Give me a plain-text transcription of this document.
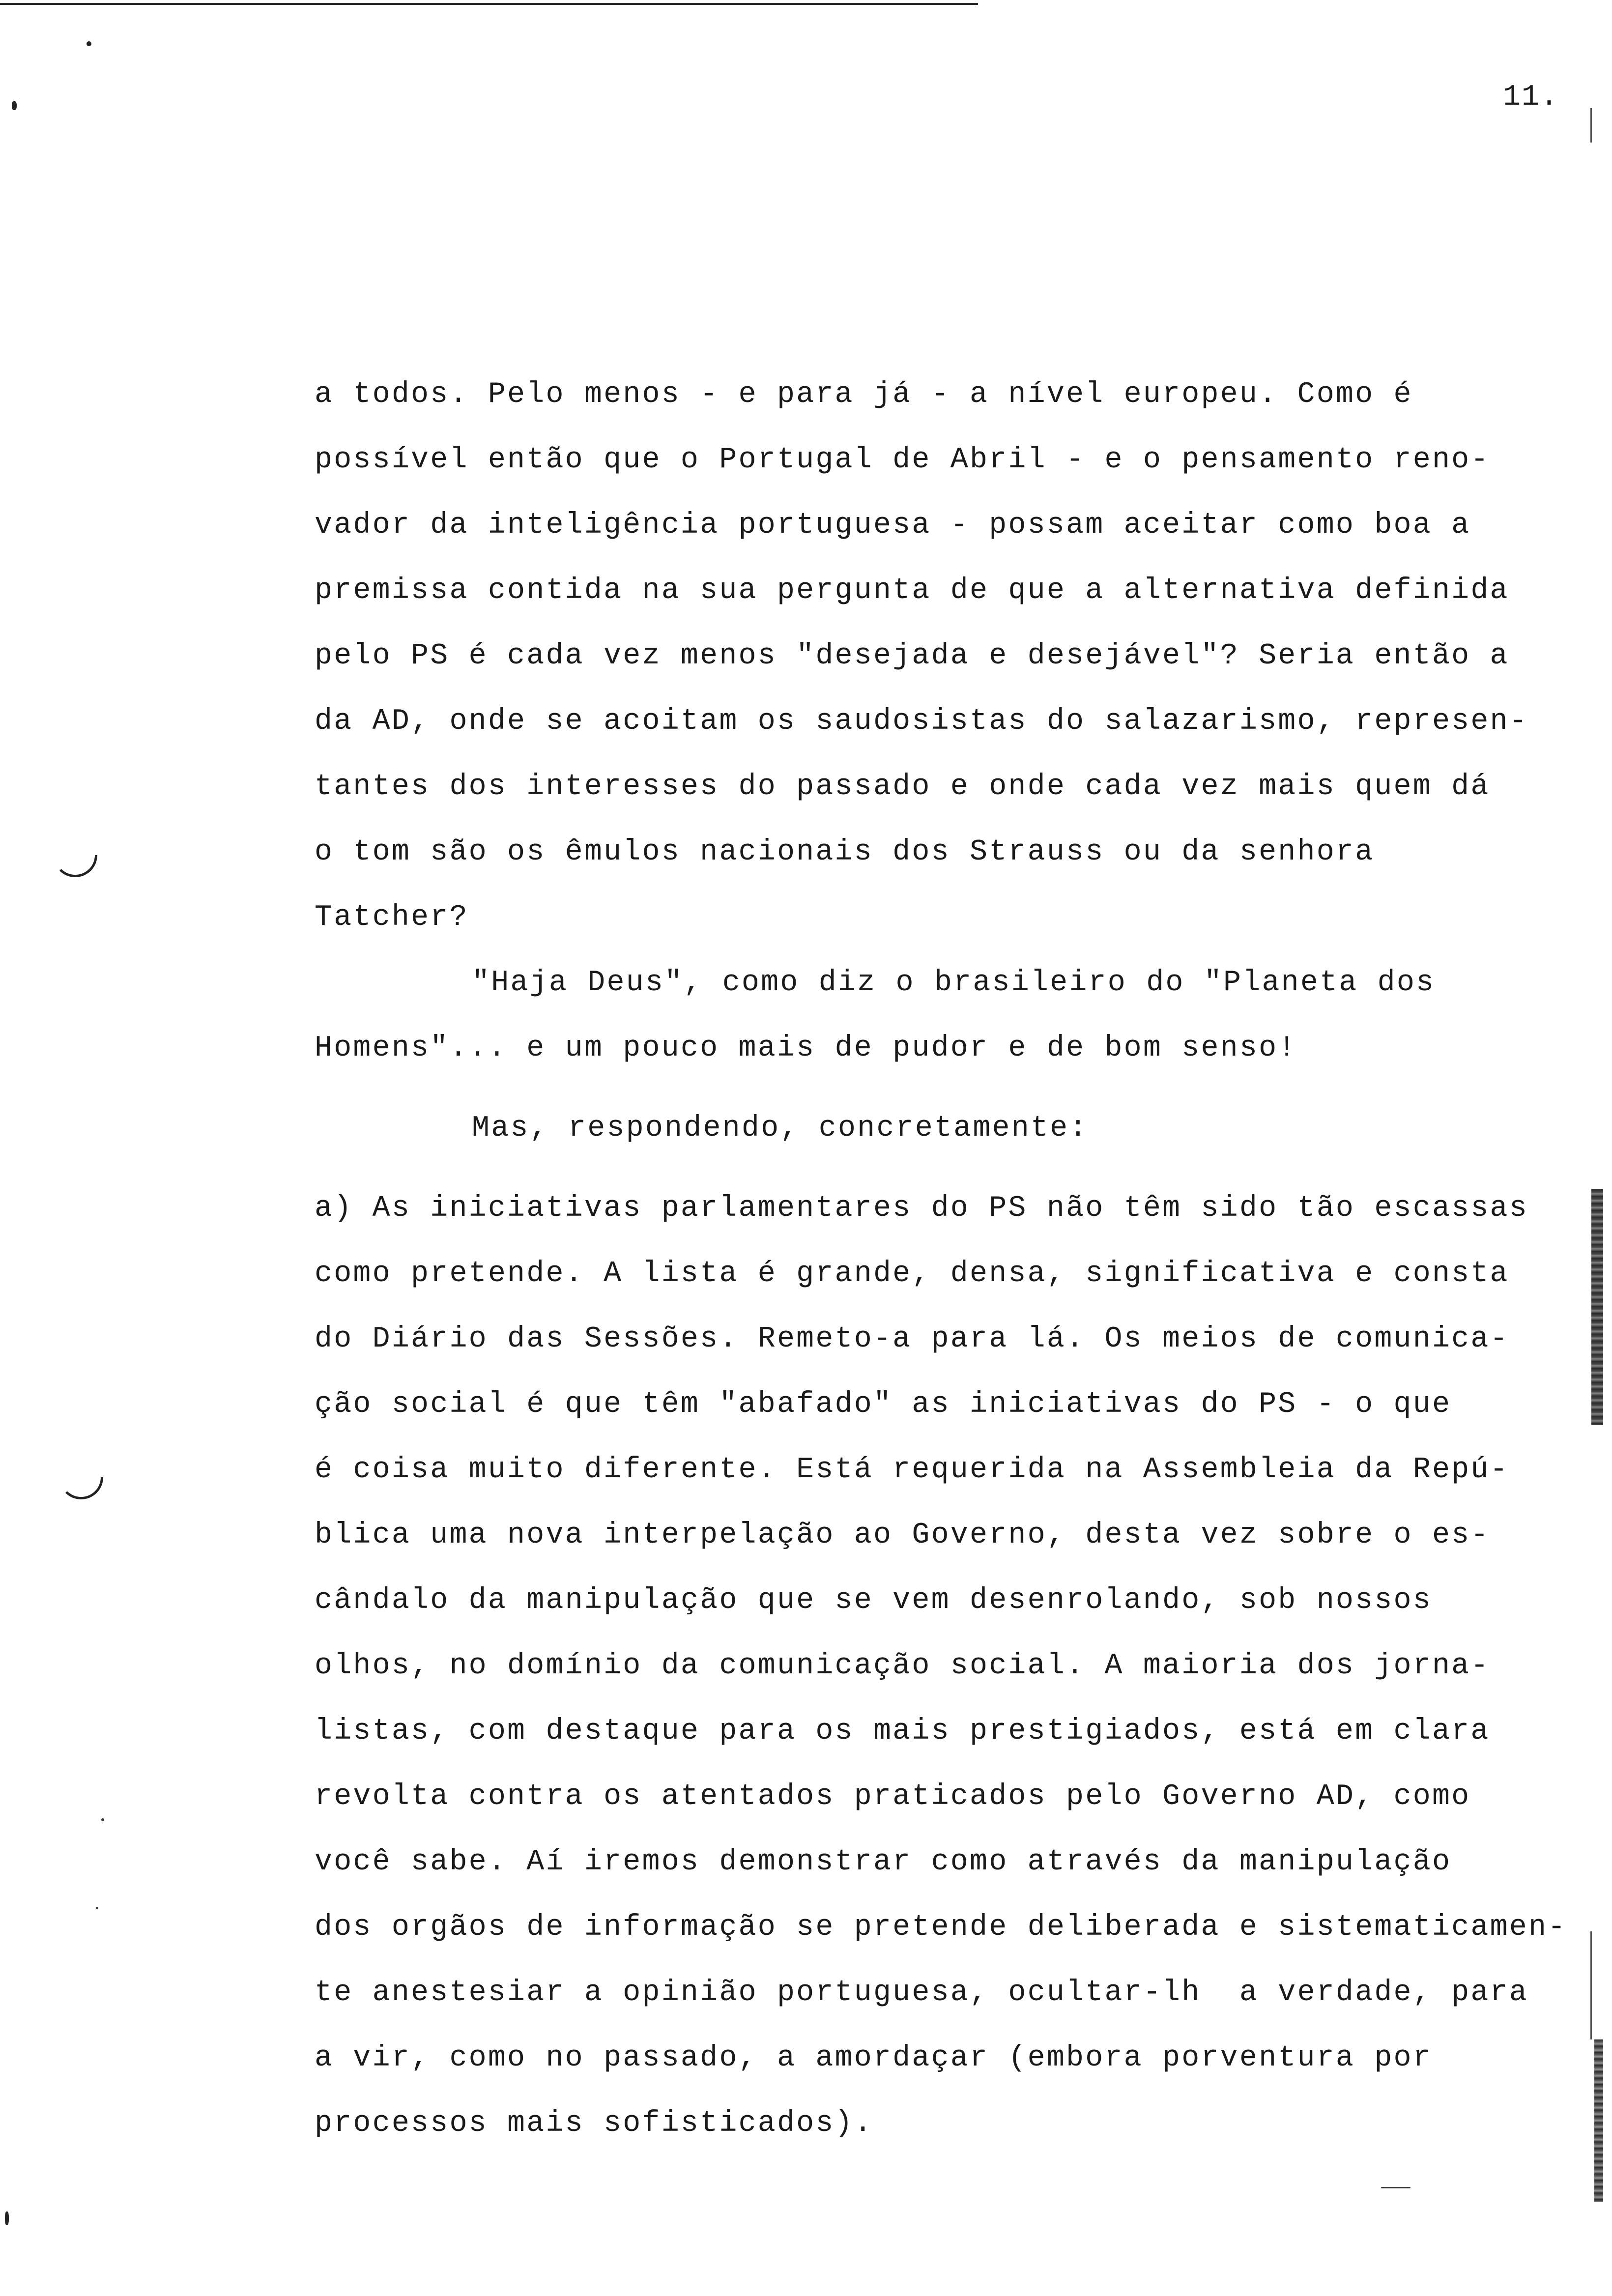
11.
a todos. Pelo menos - e para já - a nível europeu. Como é
possível então que o Portugal de Abril - e o pensamento reno-
vador da inteligência portuguesa - possam aceitar como boa a
premissa contida na sua pergunta de que a alternativa definida
pelo PS é cada vez menos "desejada e desejável"? Seria então a
da AD, onde se acoitam os saudosistas do salazarismo, represen-
tantes dos interesses do passado e onde cada vez mais quem dá
o tom são os êmulos nacionais dos Strauss ou da senhora
Tatcher?
"Haja Deus", como diz o brasileiro do "Planeta dos
Homens"... e um pouco mais de pudor e de bom senso!
Mas, respondendo, concretamente:
a) As iniciativas parlamentares do PS não têm sido tão escassas
como pretende. A lista é grande, densa, significativa e consta
do Diário das Sessões. Remeto-a para lá. Os meios de comunica-
ção social é que têm "abafado" as iniciativas do PS - o que
é coisa muito diferente. Está requerida na Assembleia da Repú-
blica uma nova interpelação ao Governo, desta vez sobre o es-
cândalo da manipulação que se vem desenrolando, sob nossos
olhos, no domínio da comunicação social. A maioria dos jorna-
listas, com destaque para os mais prestigiados, está em clara
revolta contra os atentados praticados pelo Governo AD, como
você sabe. Aí iremos demonstrar como através da manipulação
dos orgãos de informação se pretende deliberada e sistematicamen-
te anestesiar a opinião portuguesa, ocultar-lh  a verdade, para
a vir, como no passado, a amordaçar (embora porventura por
processos mais sofisticados).
